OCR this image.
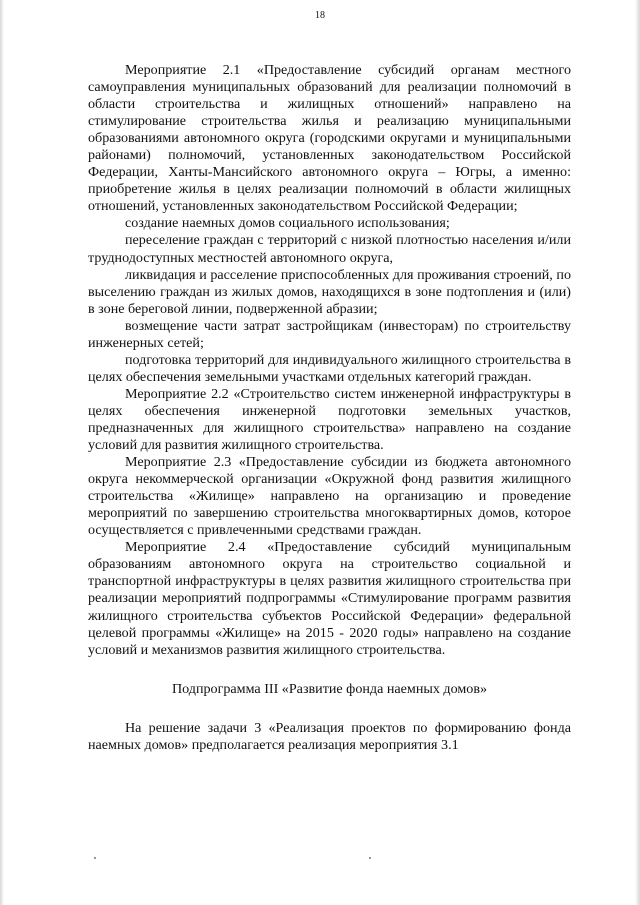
18

Мероприятие 2.1 «Предоставление субсидий органам местного самоуправления муниципальных образований для реализации полномочий в области строительства и жилищных отношений» направлено на стимулирование строительства жилья и реализацию муниципальными образованиями автономного округа (городскими округами и муниципальными районами) полномочий, установленных законодательством Российской Федерации, Ханты-Мансийского автономного округа – Югры, а именно: приобретение жилья в целях реализации полномочий в области жилищных отношений, установленных законодательством Российской Федерации;

создание наемных домов социального использования;

переселение граждан с территорий с низкой плотностью населения и/или труднодоступных местностей автономного округа,

ликвидация и расселение приспособленных для проживания строений, по выселению граждан из жилых домов, находящихся в зоне подтопления и (или) в зоне береговой линии, подверженной абразии;

возмещение части затрат застройщикам (инвесторам) по строительству инженерных сетей;

подготовка территорий для индивидуального жилищного строительства в целях обеспечения земельными участками отдельных категорий граждан.

Мероприятие 2.2 «Строительство систем инженерной инфраструктуры в целях обеспечения инженерной подготовки земельных участков, предназначенных для жилищного строительства» направлено на создание условий для развития жилищного строительства.

Мероприятие 2.3 «Предоставление субсидии из бюджета автономного округа некоммерческой организации «Окружной фонд развития жилищного строительства «Жилище» направлено на организацию и проведение мероприятий по завершению строительства многоквартирных домов, которое осуществляется с привлеченными средствами граждан.

Мероприятие 2.4 «Предоставление субсидий муниципальным образованиям автономного округа на строительство социальной и транспортной инфраструктуры в целях развития жилищного строительства при реализации мероприятий подпрограммы «Стимулирование программ развития жилищного строительства субъектов Российской Федерации» федеральной целевой программы «Жилище» на 2015 - 2020 годы» направлено на создание условий и механизмов развития жилищного строительства.

Подпрограмма III «Развитие фонда наемных домов»

На решение задачи 3 «Реализация проектов по формированию фонда наемных домов» предполагается реализация мероприятия 3.1
